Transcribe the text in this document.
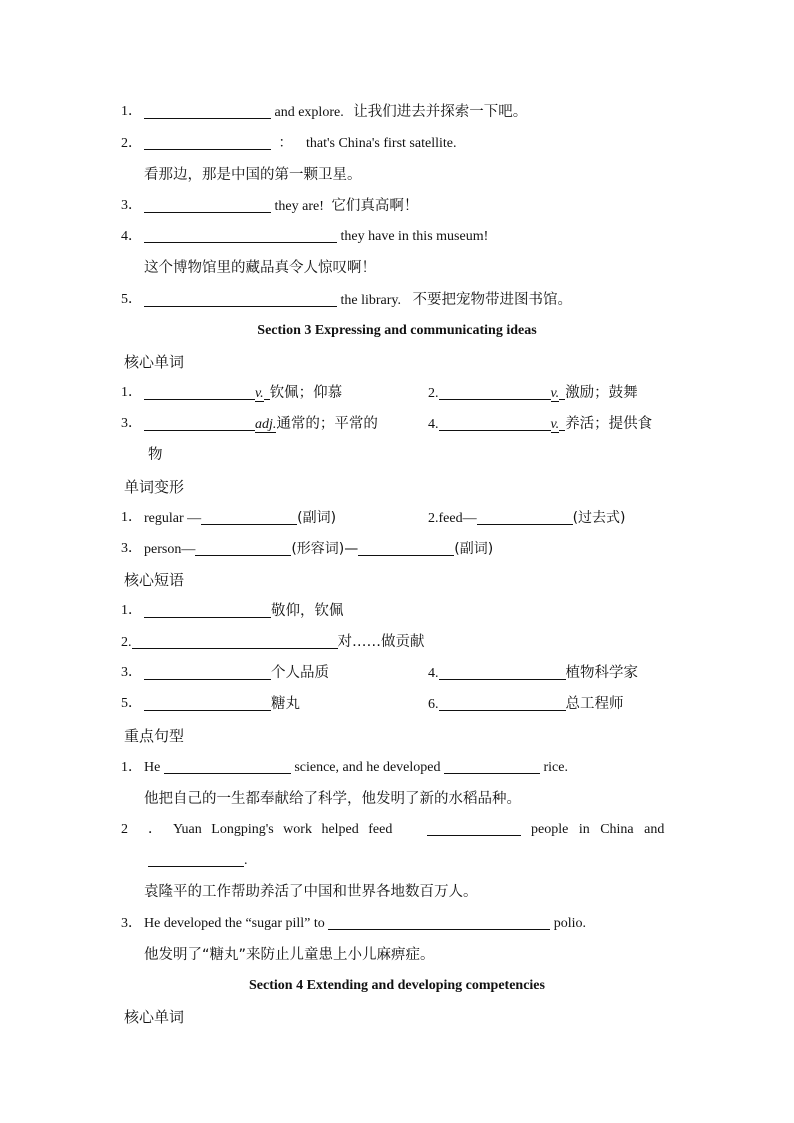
1．	and explore. 让我们进去并探索一下吧。
2．	： that's China's first satellite.
看那边，那是中国的第一颗卫星。
3．	they are! 它们真高啊！
4．	they have in this museum!
这个博物馆里的藏品真令人惊叹啊！
5．	the library. 不要把宠物带进图书馆。
Section 3 Expressing and communicating ideas
核心单词
1．	v. 钦佩；仰慕	2.	v. 激励；鼓舞
3．	adj.通常的；平常的	4.	v. 养活；提供食
物
单词变形
1． regular —	(副词)	2.feed—	(过去式)
3． person—	(形容词)—	(副词)
核心短语
1．	敬仰，钦佩
2.	对……做贡献
3．	个人品质	4.	植物科学家
5．	糖丸	6.	总工程师
重点句型
1． He	science, and he developed	rice.
他把自己的一生都奉献给了科学，他发明了新的水稻品种。
2 ． Yuan Longping's work helped feed	people in China and
.
袁隆平的工作帮助养活了中国和世界各地数百万人。
3． He developed the “sugar pill” to	polio.
他发明了“糖丸”来防止儿童患上小儿麻痹症。
Section 4 Extending and developing competencies
核心单词
